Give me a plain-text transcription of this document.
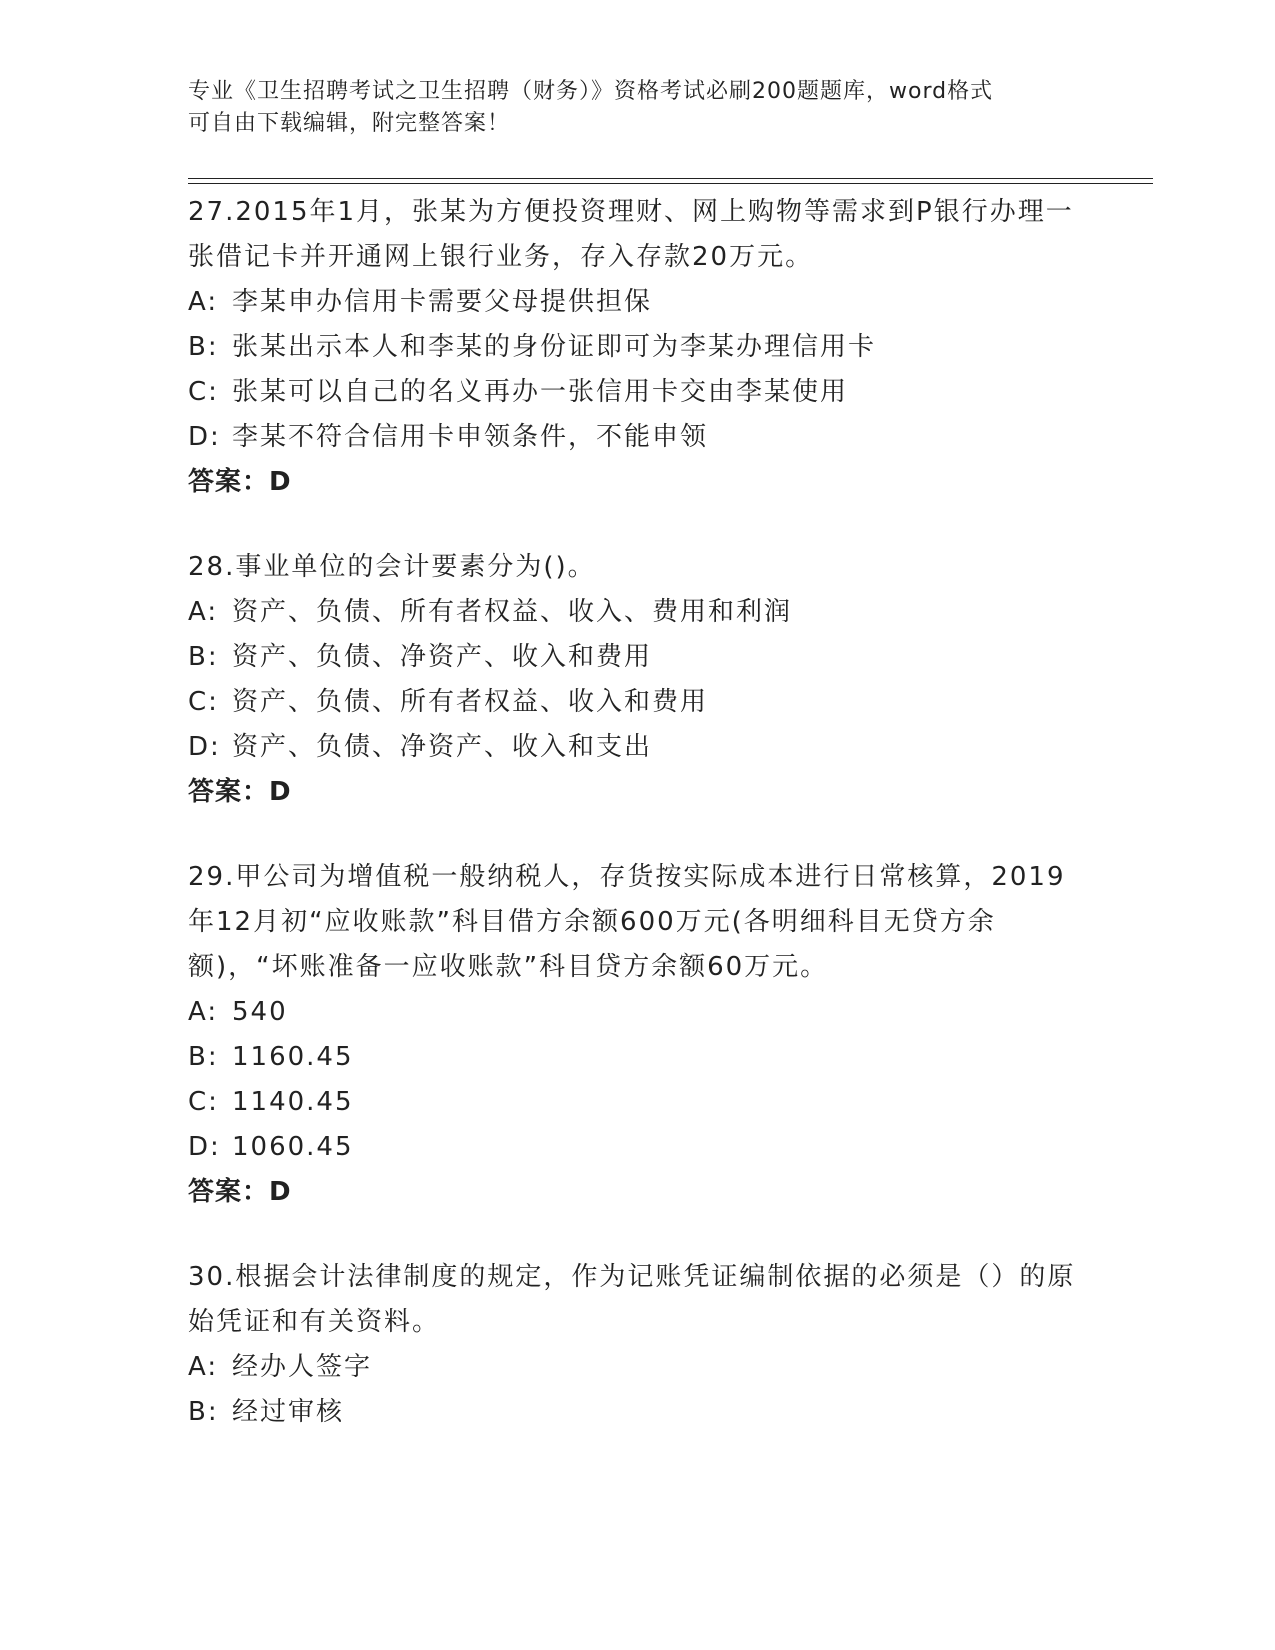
专业《卫生招聘考试之卫生招聘（财务）》资格考试必刷200题题库，word格式
可自由下载编辑，附完整答案！
27.2015年1月，张某为方便投资理财、网上购物等需求到P银行办理一张借记卡并开通网上银行业务，存入存款20万元。
A: 李某申办信用卡需要父母提供担保
B: 张某出示本人和李某的身份证即可为李某办理信用卡
C: 张某可以自己的名义再办一张信用卡交由李某使用
D: 李某不符合信用卡申领条件，不能申领
答案：D
28.事业单位的会计要素分为()。
A: 资产、负债、所有者权益、收入、费用和利润
B: 资产、负债、净资产、收入和费用
C: 资产、负债、所有者权益、收入和费用
D: 资产、负债、净资产、收入和支出
答案：D
29.甲公司为增值税一般纳税人，存货按实际成本进行日常核算，2019年12月初“应收账款”科目借方余额600万元(各明细科目无贷方余额)，“坏账准备一应收账款”科目贷方余额60万元。
A: 540
B: 1160.45
C: 1140.45
D: 1060.45
答案：D
30.根据会计法律制度的规定，作为记账凭证编制依据的必须是（）的原始凭证和有关资料。
A: 经办人签字
B: 经过审核
